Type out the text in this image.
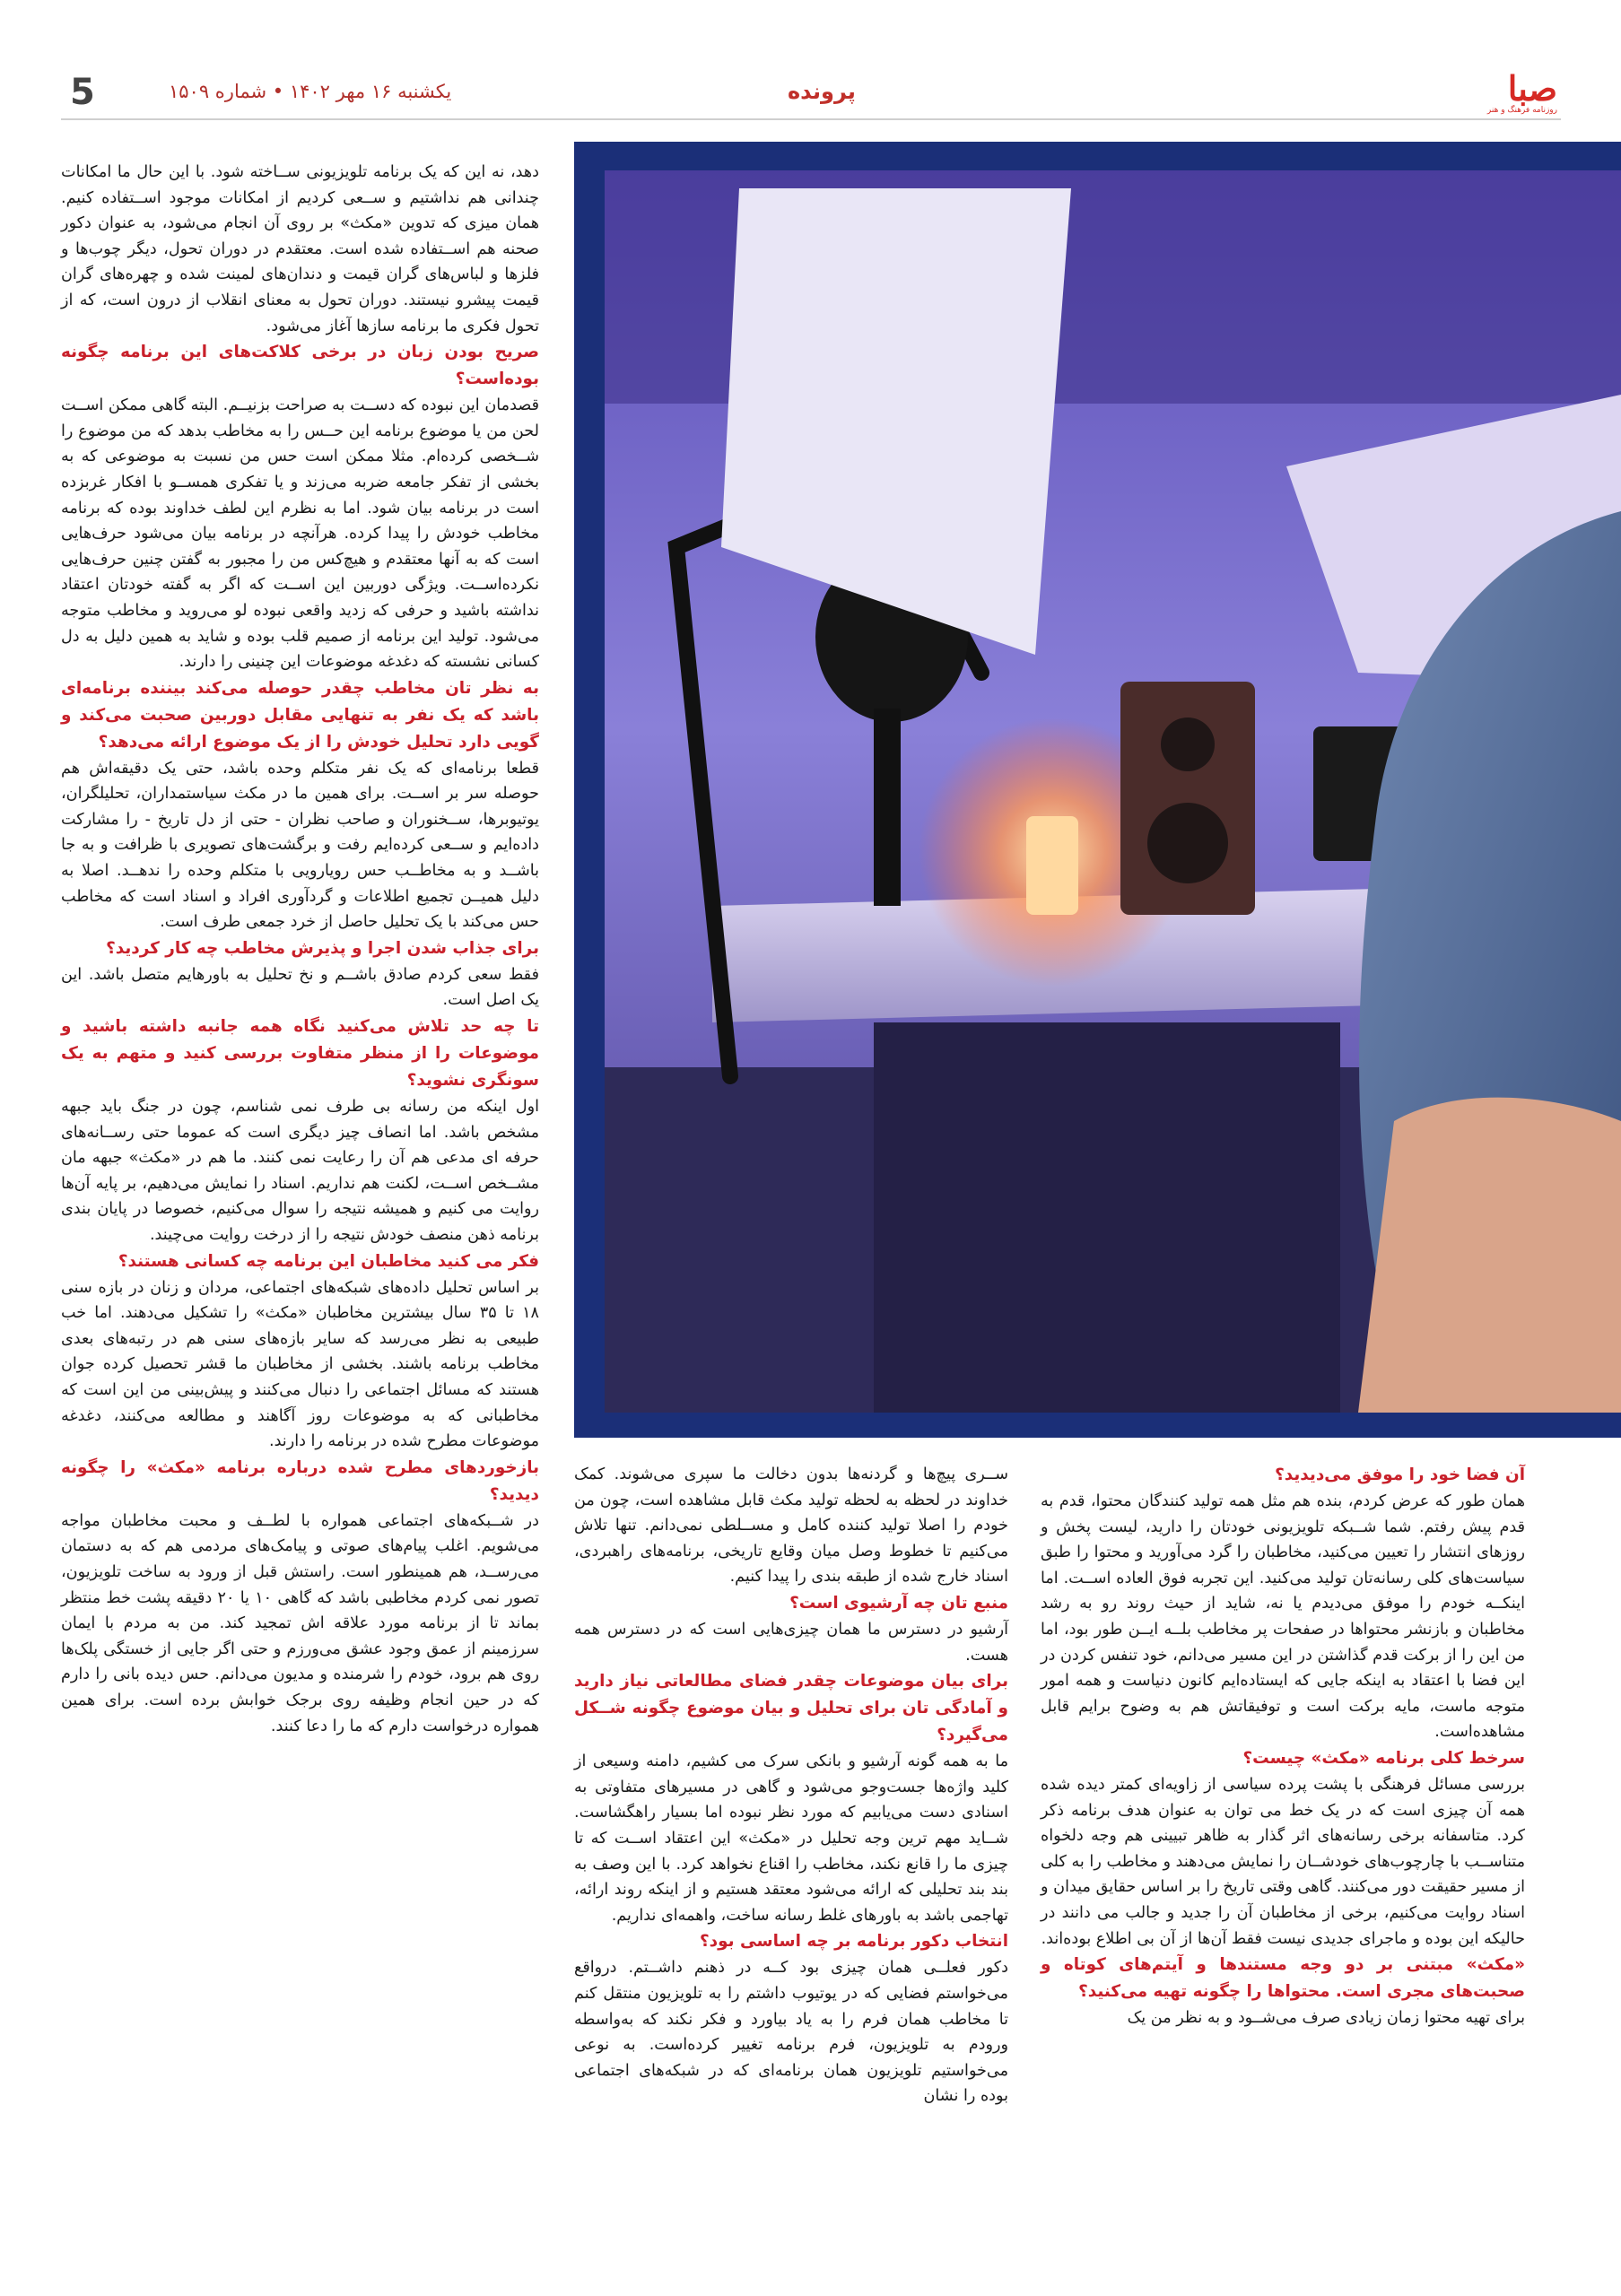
5	یکشنبه ۱۶ مهر ۱۴۰۲ • شماره ۱۵۰۹	پرونده	صبا
روزنامه فرهنگ و هنر

دهد، نه این که یک برنامه تلویزیونی ســاخته شود. با این حال ما امکانات چندانی هم نداشتیم و ســعی کردیم از امکانات موجود اســتفاده کنیم. همان میزی که تدوین «مکث» بر روی آن انجام می‌شود، به عنوان دکور صحنه هم اســتفاده شده است. معتقدم در دوران تحول، دیگر چوب‌ها و فلزها و لباس‌های گران قیمت و دندان‌های لمینت شده و چهره‌های گران قیمت پیشرو نیستند. دوران تحول به معنای انقلاب از درون است، که از تحول فکری ما برنامه سازها آغاز می‌شود.

صریح بودن زبان در برخی کلاکت‌های این برنامه چگونه بوده‌است؟

قصدمان این نبوده که دســت به صراحت بزنیــم. البته گاهی ممکن اســت لحن من یا موضوع برنامه این حــس را به مخاطب بدهد که من موضوع را شــخصی کرده‌ام. مثلا ممکن است حس من نسبت به موضوعی که به بخشی از تفکر جامعه ضربه می‌زند و یا تفکری همســو با افکار غربزده است در برنامه بیان شود. اما به نظرم این لطف خداوند بوده که برنامه مخاطب خودش را پیدا کرده. هرآنچه در برنامه بیان می‌شود حرف‌هایی است که به آنها معتقدم و هیچ‌کس من را مجبور به گفتن چنین حرف‌هایی نکرده‌اســت. ویژگی دوربین این اســت که اگر به گفته خودتان اعتقاد نداشته باشید و حرفی که زدید واقعی نبوده لو می‌روید و مخاطب متوجه می‌شود. تولید این برنامه از صمیم قلب بوده و شاید به همین دلیل به دل کسانی نشسته که دغدغه موضوعات این چنینی را دارند.

به نظر تان مخاطب چقدر حوصله می‌کند بیننده برنامه‌ای باشد که یک نفر به تنهایی مقابل دوربین صحبت می‌کند و گویی دارد تحلیل خودش را از یک موضوع ارائه می‌دهد؟

قطعا برنامه‌ای که یک نفر متکلم وحده باشد، حتی یک دقیقه‌اش هم حوصله سر بر اســت. برای همین ما در مکث سیاستمداران، تحلیلگران، یوتیوبرها، ســخنوران و صاحب نظران - حتی از دل تاریخ - را مشارکت داده‌ایم و ســعی کرده‌ایم رفت و برگشت‌های تصویری با ظرافت و به جا باشــد و به مخاطــب حس رویارویی با متکلم وحده را ندهــد. اصلا به دلیل همیــن تجمیع اطلاعات و گردآوری افراد و اسناد است که مخاطب حس می‌کند با یک تحلیل حاصل از خرد جمعی طرف است.

برای جذاب شدن اجرا و پذیرش مخاطب چه کار کردید؟

فقط سعی کردم صادق باشــم و نخ تحلیل به باورهایم متصل باشد. این یک اصل است.

تا چه حد تلاش می‌کنید نگاه همه جانبه داشته باشید و موضوعات را از منظر متفاوت بررسی کنید و متهم به یک سونگری نشوید؟

اول اینکه من رسانه بی طرف نمی شناسم، چون در جنگ باید جبهه مشخص باشد. اما انصاف چیز دیگری است که عموما حتی رســانه‌های حرفه ای مدعی هم آن را رعایت نمی کنند. ما هم در «مکث» جبهه مان مشــخص اســت، لکنت هم نداریم. اسناد را نمایش می‌دهیم، بر پایه آن‌ها روایت می کنیم و همیشه نتیجه را سوال می‌کنیم، خصوصا در پایان بندی برنامه ذهن منصف خودش نتیجه را از درخت روایت می‌چیند.

فکر می کنید مخاطبان این برنامه چه کسانی هستند؟

بر اساس تحلیل داده‌های شبکه‌های اجتماعی، مردان و زنان در بازه سنی ۱۸ تا ۳۵ سال بیشترین مخاطبان «مکث» را تشکیل می‌دهند. اما خب طبیعی به نظر می‌رسد که سایر بازه‌های سنی هم در رتبه‌های بعدی مخاطب برنامه باشند. بخشی از مخاطبان ما قشر تحصیل کرده جوان هستند که مسائل اجتماعی را دنبال می‌کنند و پیش‌بینی من این است که مخاطبانی که به موضوعات روز آگاهند و مطالعه می‌کنند، دغدغه موضوعات مطرح شده در برنامه را دارند.

بازخوردهای مطرح شده درباره برنامه «مکث» را چگونه دیدید؟

در شــبکه‌های اجتماعی همواره با لطــف و محبت مخاطبان مواجه می‌شویم. اغلب پیام‌های صوتی و پیامک‌های مردمی هم که به دستمان می‌رســد، هم همینطور است. راستش قبل از ورود به ساخت تلویزیون، تصور نمی کردم مخاطبی باشد که گاهی ۱۰ یا ۲۰ دقیقه پشت خط منتظر بماند تا از برنامه مورد علاقه اش تمجید کند. من به مردم با ایمان سرزمینم از عمق وجود عشق می‌ورزم و حتی اگر جایی از خستگی پلک‌ها روی هم برود، خودم را شرمنده و مدیون می‌دانم. حس دیده بانی را دارم که در حین انجام وظیفه روی برجک خوابش برده است. برای همین همواره درخواست دارم که ما را دعا کنند.

ســری پیچ‌ها و گردنه‌ها بدون دخالت ما سپری می‌شوند. کمک خداوند در لحظه به لحظه تولید مکث قابل مشاهده است، چون من خودم را اصلا تولید کننده کامل و مســلطی نمی‌دانم. تنها تلاش می‌کنیم تا خطوط وصل میان وقایع تاریخی، برنامه‌های راهبردی، اسناد خارج شده از طبقه بندی را پیدا کنیم.

منبع تان چه آرشیوی است؟

آرشیو در دسترس ما همان چیزی‌هایی است که در دسترس همه هست.

برای بیان موضوعات چقدر فضای مطالعاتی نیاز دارید و آمادگی تان برای تحلیل و بیان موضوع چگونه شــکل می‌گیرد؟

ما به همه گونه آرشیو و بانکی سرک می کشیم، دامنه وسیعی از کلید واژه‌ها جست‌وجو می‌شود و گاهی در مسیرهای متفاوتی به اسنادی دست می‌یابیم که مورد نظر نبوده اما بسیار راهگشاست. شــاید مهم ترین وجه تحلیل در «مکث» این اعتقاد اســت که تا چیزی ما را قانع نکند، مخاطب را اقناع نخواهد کرد. با این وصف به بند بند تحلیلی که ارائه می‌شود معتقد هستیم و از اینکه روند ارائه، تهاجمی باشد به باورهای غلط رسانه ساخت، واهمه‌ای نداریم.

انتخاب دکور برنامه بر چه اساسی بود؟

دکور فعلــی همان چیزی بود کــه در ذهنم داشــتم. درواقع می‌خواستم فضایی که در یوتیوب داشتم را به تلویزیون منتقل کنم تا مخاطب همان فرم را به یاد بیاورد و فکر نکند که به‌واسطه ورودم به تلویزیون، فرم برنامه تغییر کرده‌است. به نوعی می‌خواستیم تلویزیون همان برنامه‌ای که در شبکه‌های اجتماعی بوده را نشان

آن فضا خود را موفق می‌دیدید؟

همان طور که عرض کردم، بنده هم مثل همه تولید کنندگان محتوا، قدم به قدم پیش رفتم. شما شــبکه تلویزیونی خودتان را دارید، لیست پخش و روزهای انتشار را تعیین می‌کنید، مخاطبان را گرد می‌آورید و محتوا را طبق سیاست‌های کلی رسانه‌تان تولید می‌کنید. این تجربه فوق العاده اســت. اما اینکــه خودم را موفق می‌دیدم یا نه، شاید از حیث روند رو به رشد مخاطبان و بازنشر محتواها در صفحات پر مخاطب بلــه ایــن طور بود، اما من این را از برکت قدم گذاشتن در این مسیر می‌دانم، خود تنفس کردن در این فضا با اعتقاد به اینکه جایی که ایستاده‌ایم کانون دنیاست و همه امور متوجه ماست، مایه برکت است و توفیقاتش هم به وضوح برایم قابل مشاهده‌است.

سرخط کلی برنامه «مکث» چیست؟

بررسی مسائل فرهنگی با پشت پرده سیاسی از زاویه‌ای کمتر دیده شده همه آن چیزی است که در یک خط می توان به عنوان هدف برنامه ذکر کرد. متاسفانه برخی رسانه‌های اثر گذار به ظاهر تبیینی هم وجه دلخواه متناســب با چارچوب‌های خودشــان را نمایش می‌دهند و مخاطب را به کلی از مسیر حقیقت دور می‌کنند. گاهی وقتی تاریخ را بر اساس حقایق میدان و اسناد روایت می‌کنیم، برخی از مخاطبان آن را جدید و جالب می دانند در حالیکه این بوده و ماجرای جدیدی نیست فقط آن‌ها از آن بی اطلاع بوده‌اند.

«مکث» مبتنی بر دو وجه مستندها و آیتم‌های کوتاه و صحبت‌های مجری است. محتواها را چگونه تهیه می‌کنید؟

برای تهیه محتوا زمان زیادی صرف می‌شــود و به نظر من یک
